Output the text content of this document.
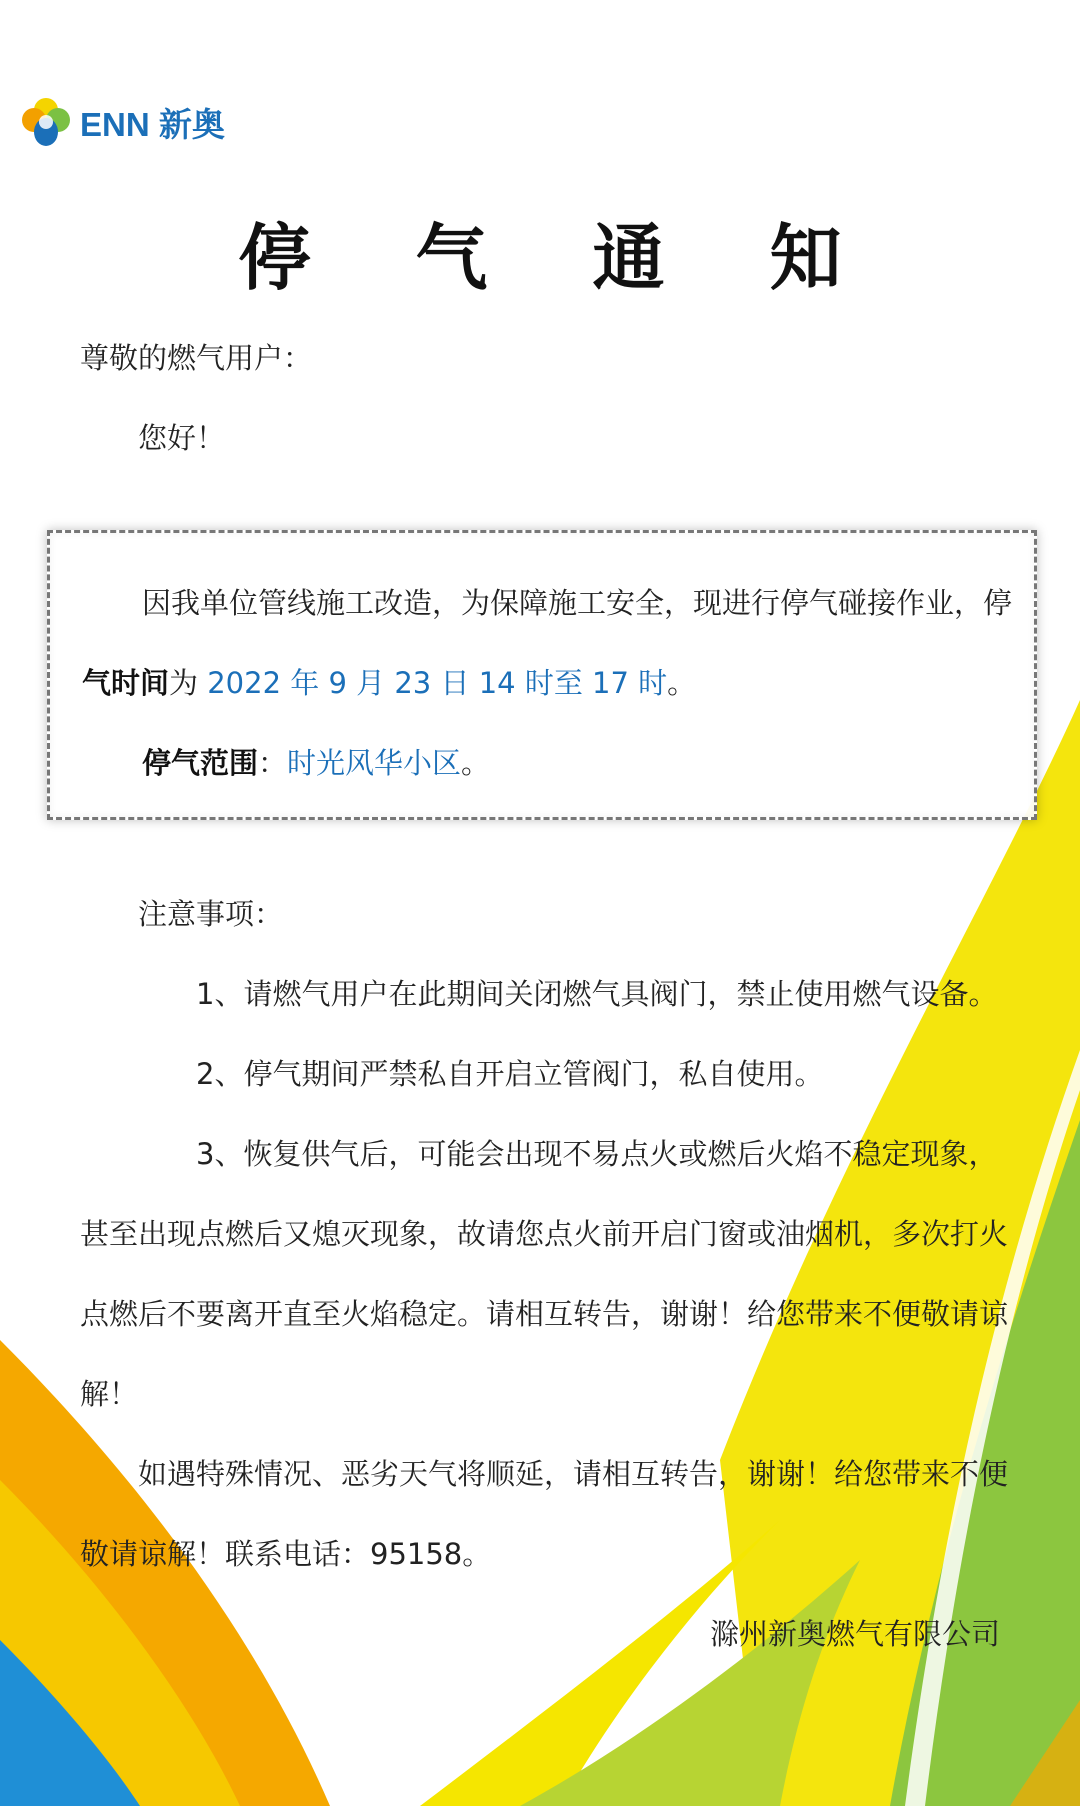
ENN 新奥
停 气 通 知
尊敬的燃气用户：
您好！
因我单位管线施工改造，为保障施工安全，现进行停气碰接作业，停
气时间为 2022 年 9 月 23 日 14 时至 17 时。
停气范围：时光风华小区。
注意事项：
1、请燃气用户在此期间关闭燃气具阀门，禁止使用燃气设备。
2、停气期间严禁私自开启立管阀门，私自使用。
3、恢复供气后，可能会出现不易点火或燃后火焰不稳定现象，
甚至出现点燃后又熄灭现象，故请您点火前开启门窗或油烟机，多次打火
点燃后不要离开直至火焰稳定。请相互转告，谢谢！给您带来不便敬请谅
解！
如遇特殊情况、恶劣天气将顺延，请相互转告，谢谢！给您带来不便
敬请谅解！联系电话：95158。
滁州新奥燃气有限公司
